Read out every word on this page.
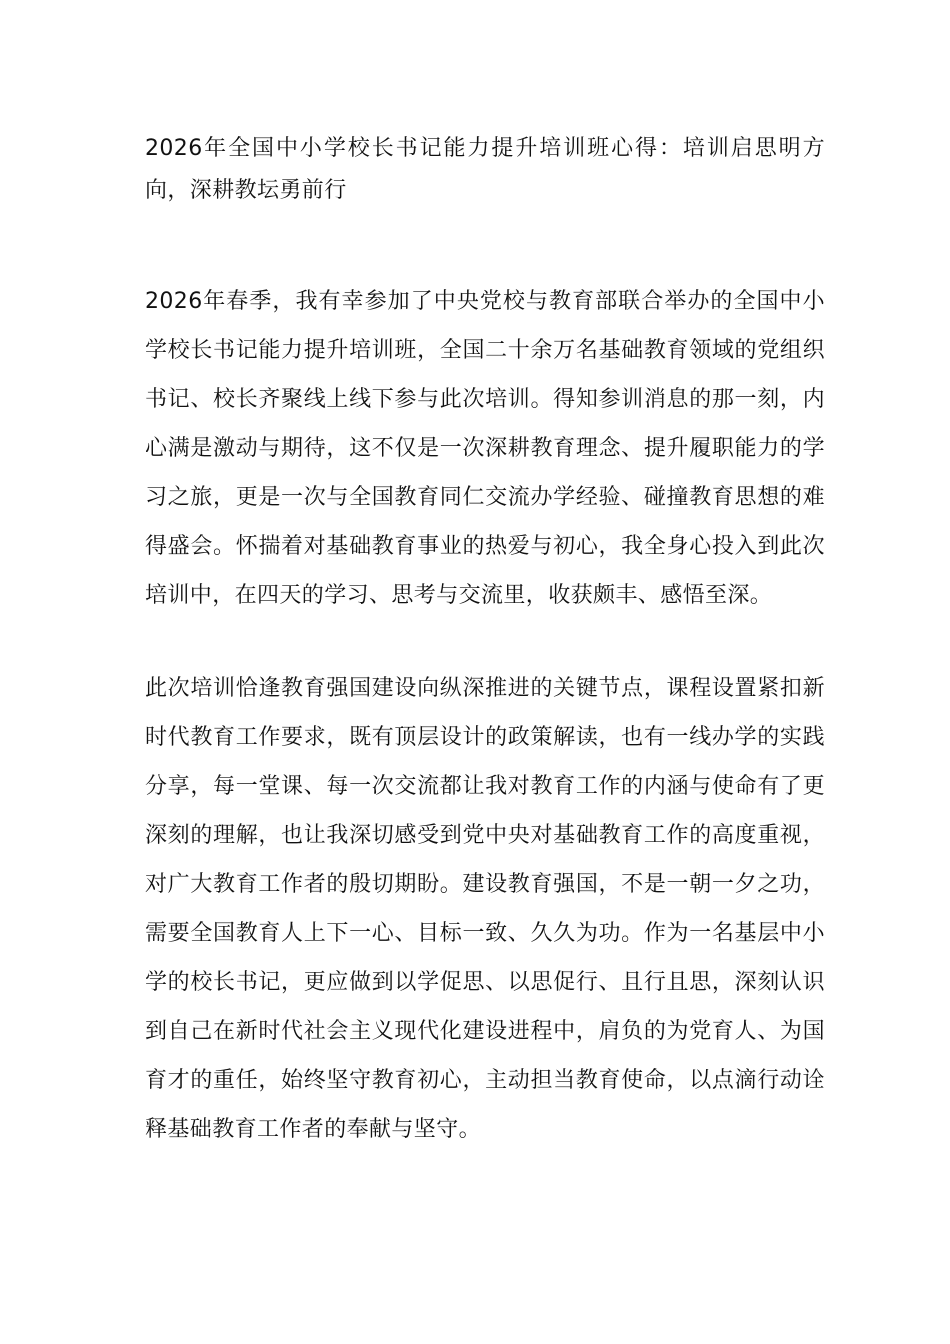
2026年全国中小学校长书记能力提升培训班心得：培训启思明方向，深耕教坛勇前行

2026年春季，我有幸参加了中央党校与教育部联合举办的全国中小学校长书记能力提升培训班，全国二十余万名基础教育领域的党组织书记、校长齐聚线上线下参与此次培训。得知参训消息的那一刻，内心满是激动与期待，这不仅是一次深耕教育理念、提升履职能力的学习之旅，更是一次与全国教育同仁交流办学经验、碰撞教育思想的难得盛会。怀揣着对基础教育事业的热爱与初心，我全身心投入到此次培训中，在四天的学习、思考与交流里，收获颇丰、感悟至深。

此次培训恰逢教育强国建设向纵深推进的关键节点，课程设置紧扣新时代教育工作要求，既有顶层设计的政策解读，也有一线办学的实践分享，每一堂课、每一次交流都让我对教育工作的内涵与使命有了更深刻的理解，也让我深切感受到党中央对基础教育工作的高度重视，对广大教育工作者的殷切期盼。建设教育强国，不是一朝一夕之功，需要全国教育人上下一心、目标一致、久久为功。作为一名基层中小学的校长书记，更应做到以学促思、以思促行、且行且思，深刻认识到自己在新时代社会主义现代化建设进程中，肩负的为党育人、为国育才的重任，始终坚守教育初心，主动担当教育使命，以点滴行动诠释基础教育工作者的奉献与坚守。
